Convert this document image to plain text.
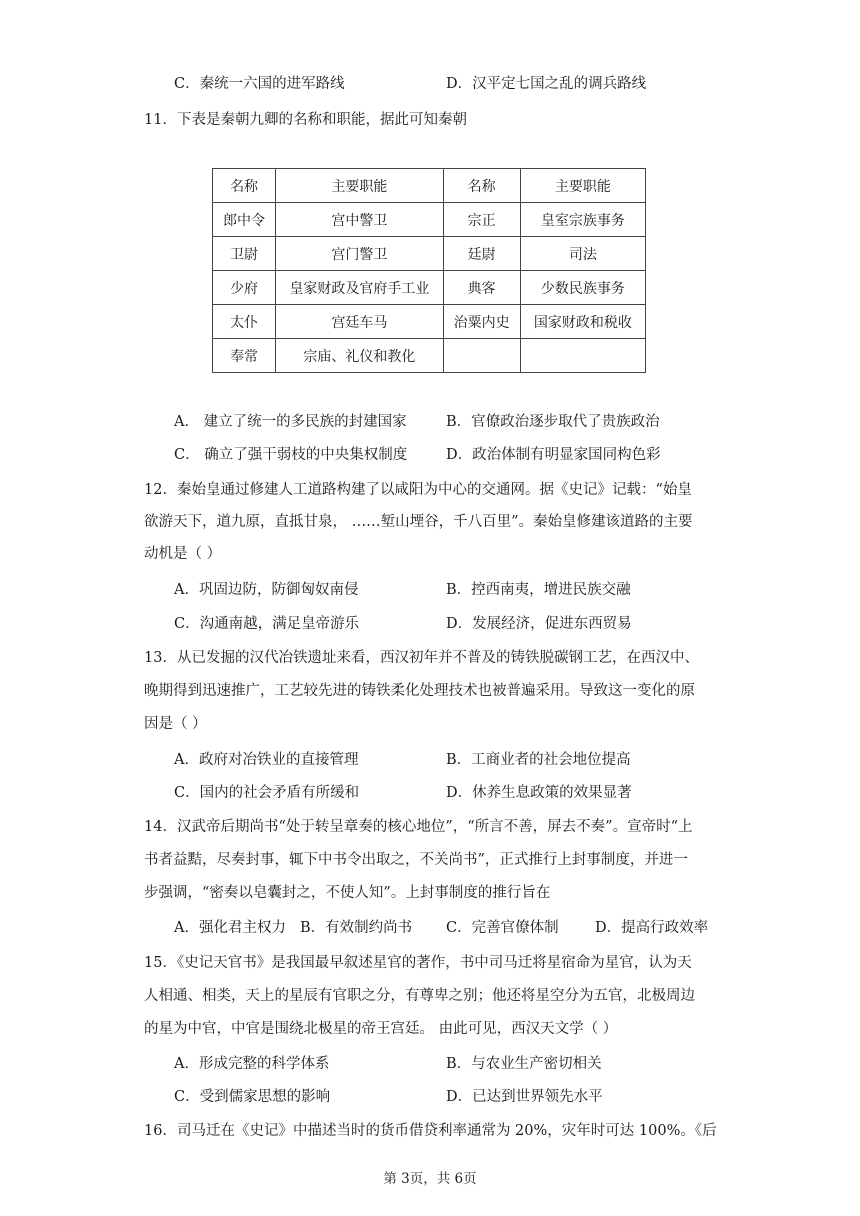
C．秦统一六国的进军路线	D．汉平定七国之乱的调兵路线
11．下表是秦朝九卿的名称和职能，据此可知秦朝
名称	主要职能	名称	主要职能
郎中令	宫中警卫	宗正	皇室宗族事务
卫尉	宫门警卫	廷尉	司法
少府	皇家财政及官府手工业	典客	少数民族事务
太仆	宫廷车马	治粟内史	国家财政和税收
奉常	宗庙、礼仪和教化		
A． 建立了统一的多民族的封建国家	B．官僚政治逐步取代了贵族政治
C． 确立了强干弱枝的中央集权制度	D．政治体制有明显家国同构色彩
12．秦始皇通过修建人工道路构建了以咸阳为中心的交通网。据《史记》记载：“始皇
欲游天下，道九原，直抵甘泉， ……堑山堙谷，千八百里”。秦始皇修建该道路的主要
动机是（ ）
A．巩固边防，防御匈奴南侵	B．控西南夷，增进民族交融
C．沟通南越，满足皇帝游乐	D．发展经济，促进东西贸易
13．从已发掘的汉代冶铁遗址来看，西汉初年并不普及的铸铁脱碳钢工艺，在西汉中、
晚期得到迅速推广，工艺较先进的铸铁柔化处理技术也被普遍采用。导致这一变化的原
因是（ ）
A．政府对冶铁业的直接管理	B．工商业者的社会地位提高
C．国内的社会矛盾有所缓和	D．休养生息政策的效果显著
14．汉武帝后期尚书“处于转呈章奏的核心地位”，“所言不善，屏去不奏”。宣帝时“上
书者益黠，尽奏封事，辄下中书令出取之，不关尚书”，正式推行上封事制度，并进一
步强调，“密奏以皂囊封之，不使人知”。上封事制度的推行旨在
A．强化君主权力 B．有效制约尚书 C．完善官僚体制	D．提高行政效率
15．《史记天官书》是我国最早叙述星官的著作，书中司马迁将星宿命为星官，认为天
人相通、相类，天上的星辰有官职之分，有尊卑之别；他还将星空分为五官，北极周边
的星为中官，中官是围绕北极星的帝王宫廷。 由此可见，西汉天文学（ ）
A．形成完整的科学体系	B．与农业生产密切相关
C．受到儒家思想的影响	D．已达到世界领先水平
16．司马迁在《史记》中描述当时的货币借贷利率通常为 20%，灾年时可达 100%。《后
第 3页，共 6页
